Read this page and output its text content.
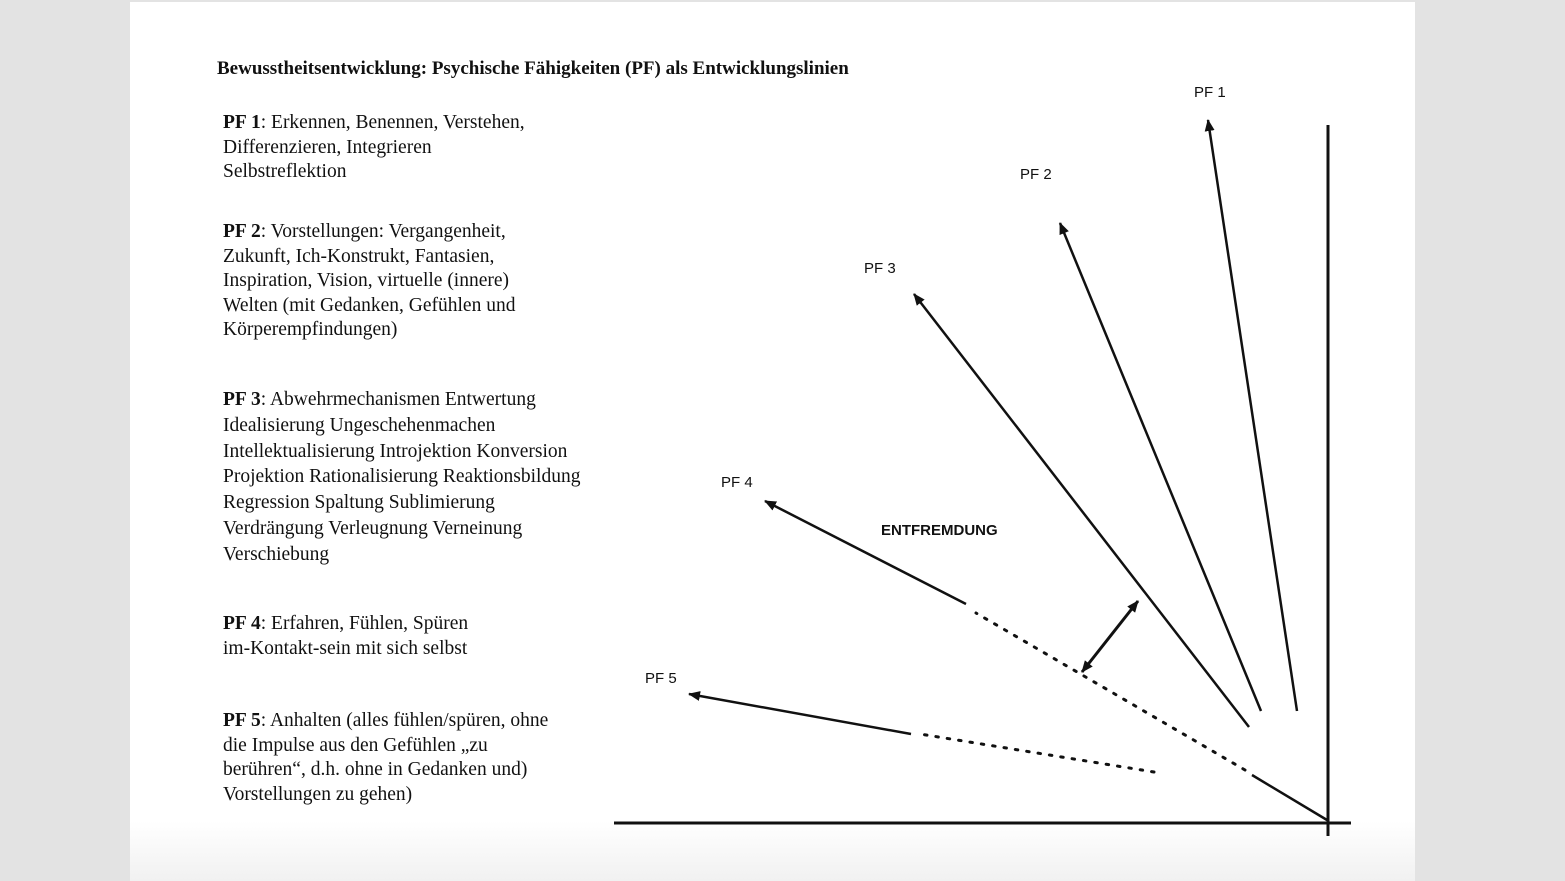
Bewusstheitsentwicklung: Psychische Fähigkeiten (PF) als Entwicklungslinien
PF 1: Erkennen, Benennen, Verstehen,
Differenzieren, Integrieren
Selbstreflektion
PF 2: Vorstellungen: Vergangenheit,
Zukunft, Ich-Konstrukt, Fantasien,
Inspiration, Vision, virtuelle (innere)
Welten (mit Gedanken, Gefühlen und
Körperempfindungen)
PF 3: Abwehrmechanismen Entwertung
Idealisierung Ungeschehenmachen
Intellektualisierung Introjektion Konversion
Projektion Rationalisierung Reaktionsbildung
Regression Spaltung Sublimierung
Verdrängung Verleugnung Verneinung
Verschiebung
PF 4: Erfahren, Fühlen, Spüren
im-Kontakt-sein mit sich selbst
PF 5: Anhalten (alles fühlen/spüren, ohne
die Impulse aus den Gefühlen „zu
berühren“, d.h. ohne in Gedanken und)
Vorstellungen zu gehen)
PF 1
PF 2
PF 3
PF 4
PF 5
ENTFREMDUNG
